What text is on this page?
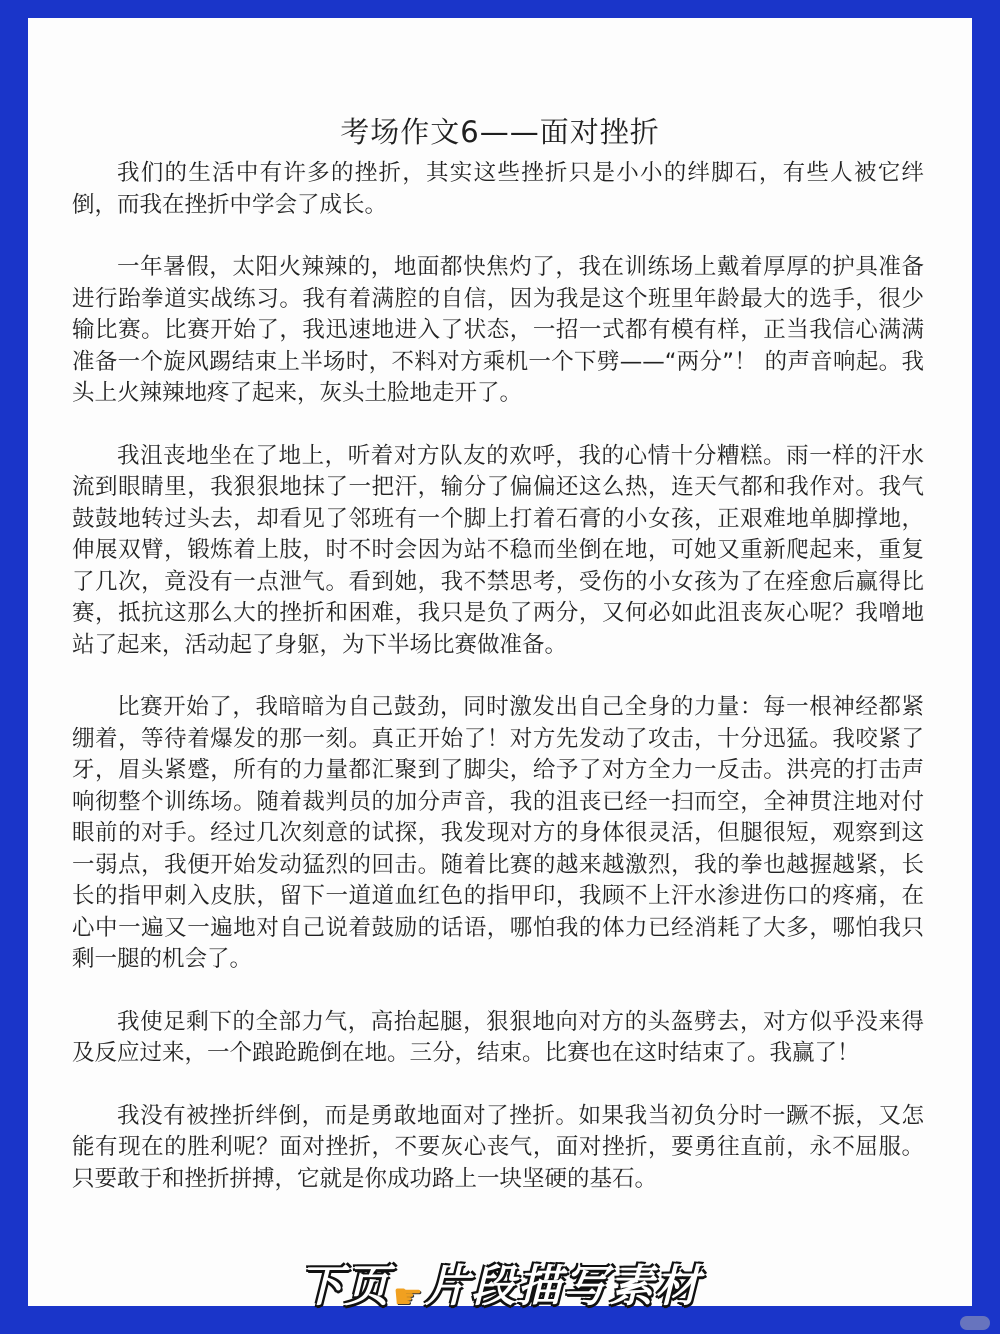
考场作文6——面对挫折

我们的生活中有许多的挫折，其实这些挫折只是小小的绊脚石，有些人被它绊倒，而我在挫折中学会了成长。

一年暑假，太阳火辣辣的，地面都快焦灼了，我在训练场上戴着厚厚的护具准备进行跆拳道实战练习。我有着满腔的自信，因为我是这个班里年龄最大的选手，很少输比赛。比赛开始了，我迅速地进入了状态，一招一式都有模有样，正当我信心满满准备一个旋风踢结束上半场时，不料对方乘机一个下劈——“两分”！ 的声音响起。我头上火辣辣地疼了起来，灰头土脸地走开了。

我沮丧地坐在了地上，听着对方队友的欢呼，我的心情十分糟糕。雨一样的汗水流到眼睛里，我狠狠地抹了一把汗，输分了偏偏还这么热，连天气都和我作对。我气鼓鼓地转过头去，却看见了邻班有一个脚上打着石膏的小女孩，正艰难地单脚撑地，伸展双臂，锻炼着上肢，时不时会因为站不稳而坐倒在地，可她又重新爬起来，重复了几次，竟没有一点泄气。看到她，我不禁思考，受伤的小女孩为了在痊愈后赢得比赛，抵抗这那么大的挫折和困难，我只是负了两分，又何必如此沮丧灰心呢？我噌地站了起来，活动起了身躯，为下半场比赛做准备。

比赛开始了，我暗暗为自己鼓劲，同时激发出自己全身的力量：每一根神经都紧绷着，等待着爆发的那一刻。真正开始了！对方先发动了攻击，十分迅猛。我咬紧了牙，眉头紧蹙，所有的力量都汇聚到了脚尖，给予了对方全力一反击。洪亮的打击声响彻整个训练场。随着裁判员的加分声音，我的沮丧已经一扫而空，全神贯注地对付眼前的对手。经过几次刻意的试探，我发现对方的身体很灵活，但腿很短，观察到这一弱点，我便开始发动猛烈的回击。随着比赛的越来越激烈，我的拳也越握越紧，长长的指甲刺入皮肤，留下一道道血红色的指甲印，我顾不上汗水渗进伤口的疼痛，在心中一遍又一遍地对自己说着鼓励的话语，哪怕我的体力已经消耗了大多，哪怕我只剩一腿的机会了。

我使足剩下的全部力气，高抬起腿，狠狠地向对方的头盔劈去，对方似乎没来得及反应过来，一个踉跄跪倒在地。三分，结束。比赛也在这时结束了。我赢了！

我没有被挫折绊倒，而是勇敢地面对了挫折。如果我当初负分时一蹶不振，又怎能有现在的胜利呢？面对挫折，不要灰心丧气，面对挫折，要勇往直前，永不屈服。只要敢于和挫折拼搏，它就是你成功路上一块坚硬的基石。

下页☛片段描写素材
